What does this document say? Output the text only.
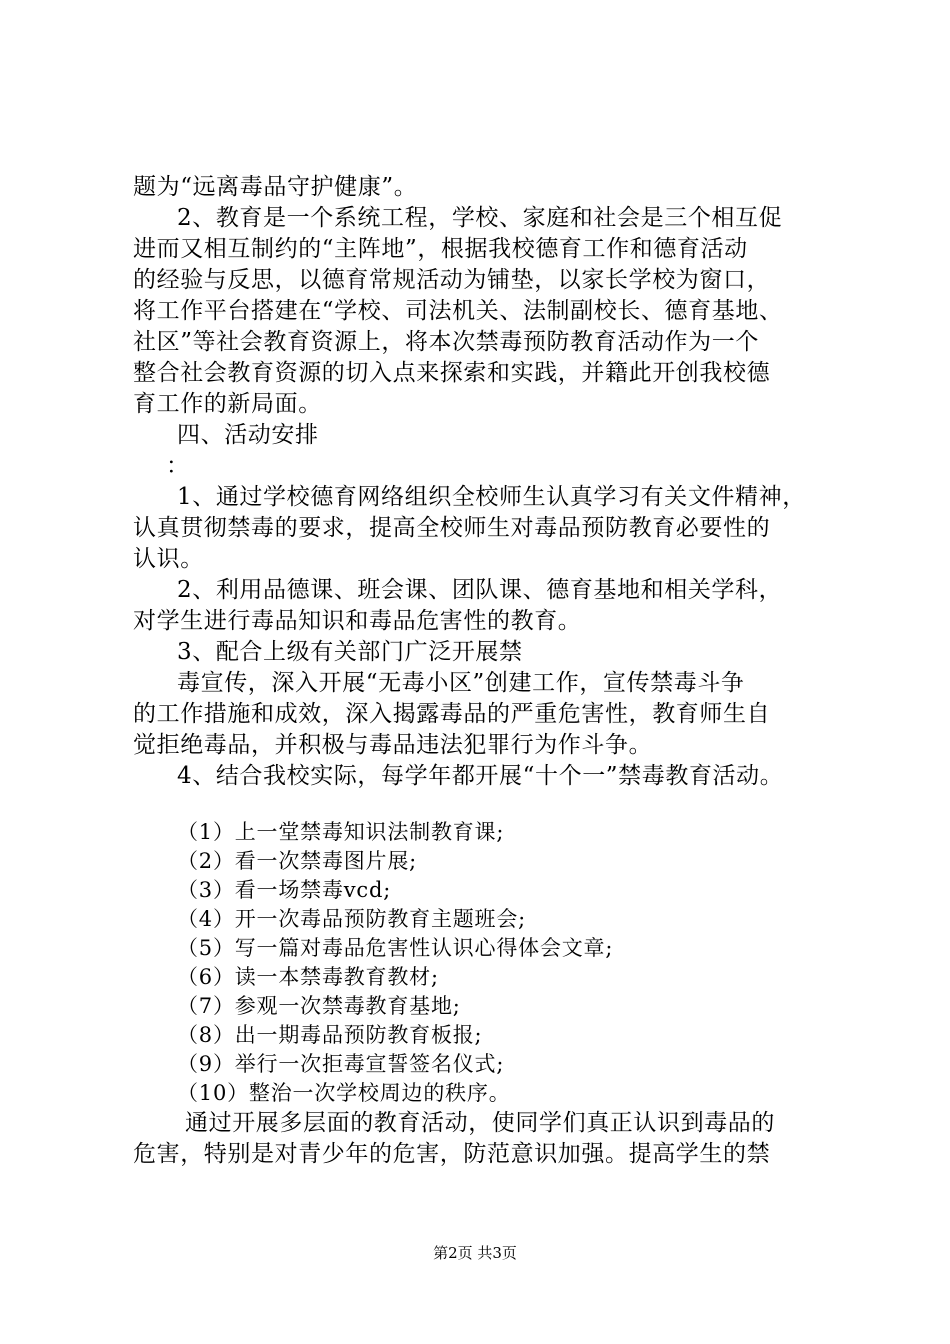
题为“远离毒品守护健康”。
2、教育是一个系统工程，学校、家庭和社会是三个相互促
进而又相互制约的“主阵地”，根据我校德育工作和德育活动
的经验与反思，以德育常规活动为铺垫，以家长学校为窗口，
将工作平台搭建在“学校、司法机关、法制副校长、德育基地、
社区”等社会教育资源上，将本次禁毒预防教育活动作为一个
整合社会教育资源的切入点来探索和实践，并籍此开创我校德
育工作的新局面。
四、活动安排
：
1、通过学校德育网络组织全校师生认真学习有关文件精神，
认真贯彻禁毒的要求，提高全校师生对毒品预防教育必要性的
认识。
2、利用品德课、班会课、团队课、德育基地和相关学科，
对学生进行毒品知识和毒品危害性的教育。
3、配合上级有关部门广泛开展禁
毒宣传，深入开展“无毒小区”创建工作，宣传禁毒斗争
的工作措施和成效，深入揭露毒品的严重危害性，教育师生自
觉拒绝毒品，并积极与毒品违法犯罪行为作斗争。
4、结合我校实际，每学年都开展“十个一”禁毒教育活动。
（1）上一堂禁毒知识法制教育课;
（2）看一次禁毒图片展;
（3）看一场禁毒vcd;
（4）开一次毒品预防教育主题班会;
（5）写一篇对毒品危害性认识心得体会文章;
（6）读一本禁毒教育教材;
（7）参观一次禁毒教育基地;
（8）出一期毒品预防教育板报;
（9）举行一次拒毒宣誓签名仪式;
（10）整治一次学校周边的秩序。
通过开展多层面的教育活动，使同学们真正认识到毒品的
危害，特别是对青少年的危害，防范意识加强。提高学生的禁
第2页 共3页
